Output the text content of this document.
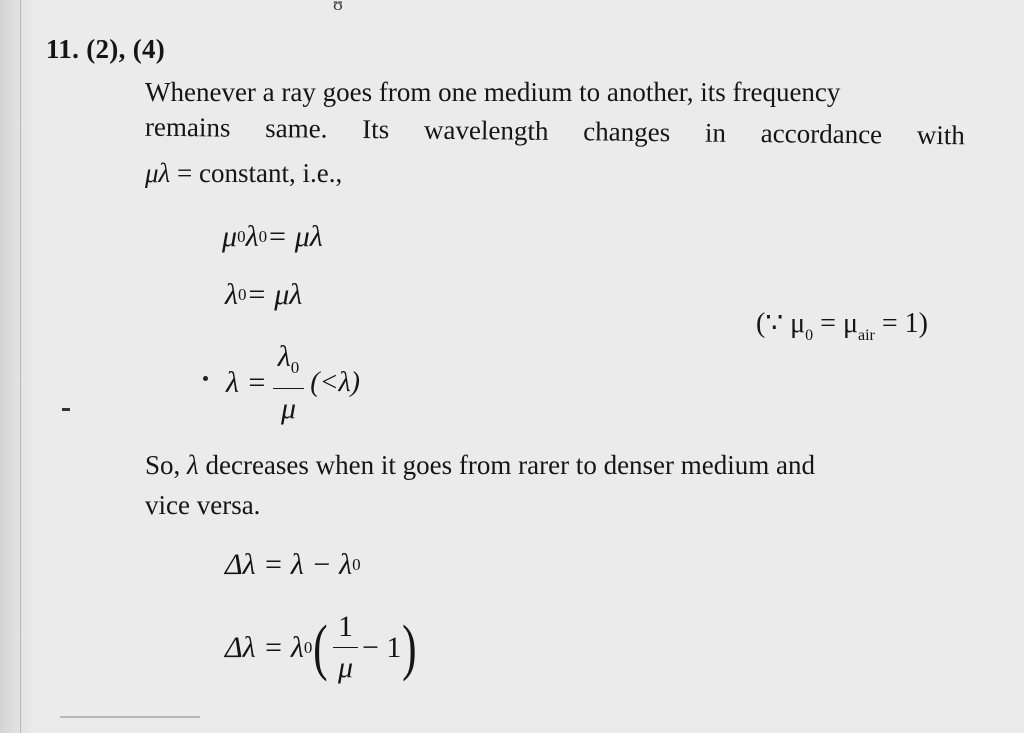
ʊ
11. (2), (4)
Whenever a ray goes from one medium to another, its frequency
remains same. Its wavelength changes in accordance with
μλ = constant, i.e.,
μ 0 λ 0 = μλ
λ 0 = μλ
(∵ $\mu_0 = \mu_{air} = 1$)
$\lambda = \frac{\lambda_0}{\mu} (<\lambda)$
So, λ decreases when it goes from rarer to denser medium and
vice versa.
Δλ = λ − λ 0
Δλ = λ 0 ( $\frac{1}{\mu} - 1$ )
